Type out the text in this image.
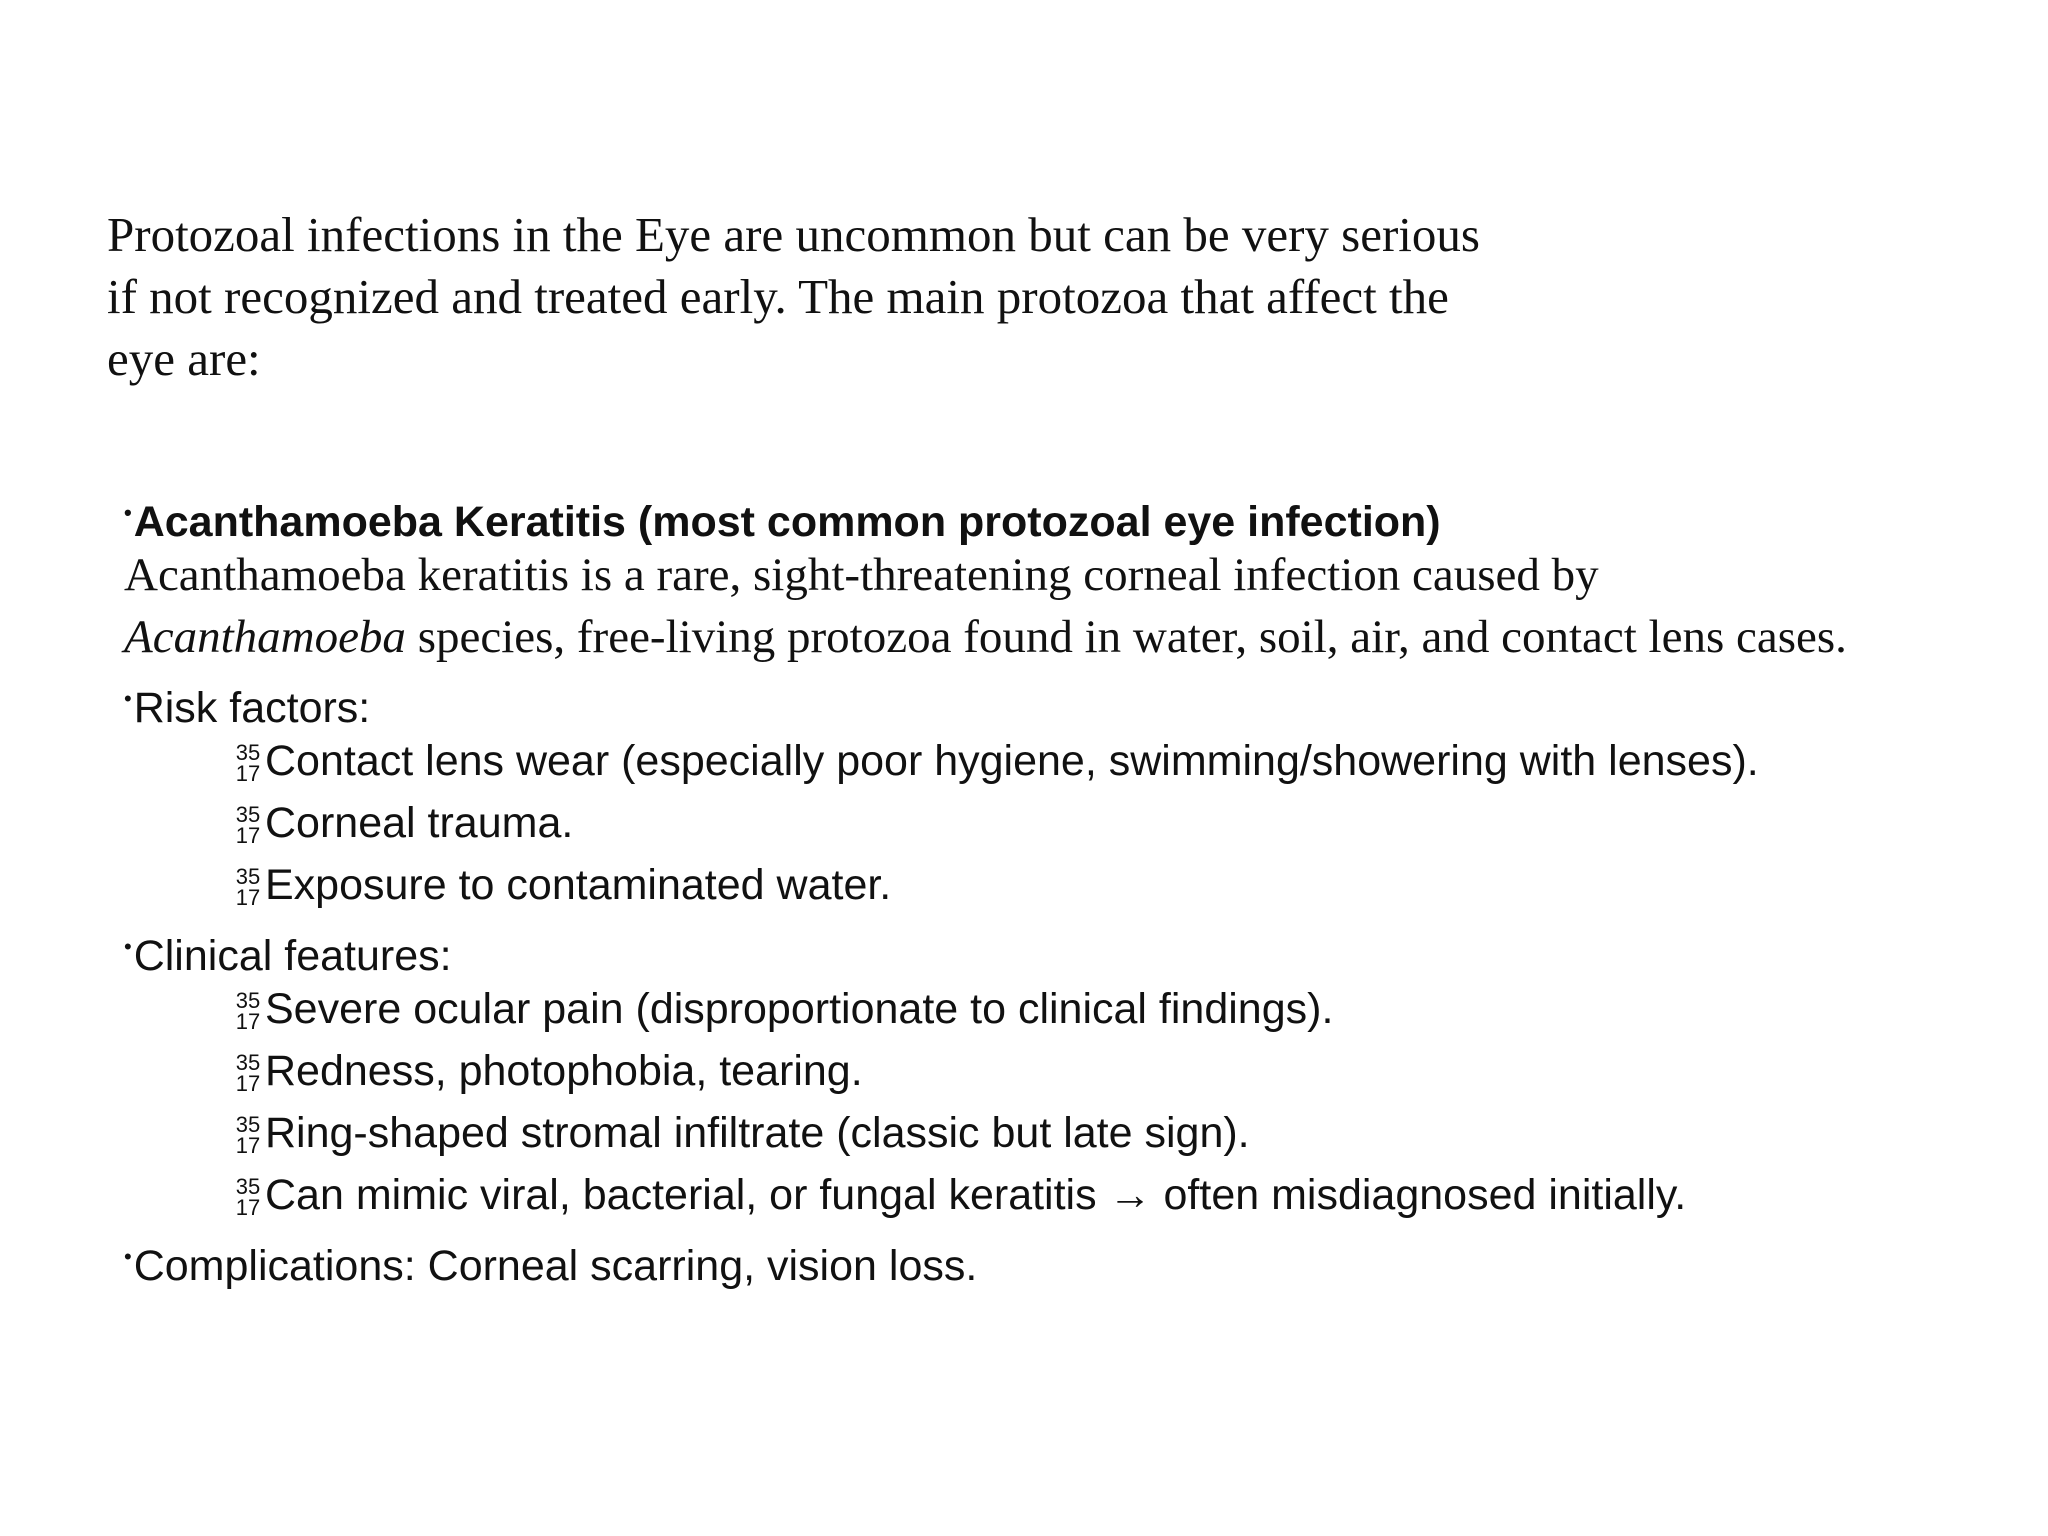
Protozoal infections in the Eye are uncommon but can be very serious
if not recognized and treated early. The main protozoa that affect the
eye are:
•Acanthamoeba Keratitis (most common protozoal eye infection)
Acanthamoeba keratitis is a rare, sight-threatening corneal infection caused by
Acanthamoeba species, free-living protozoa found in water, soil, air, and contact lens cases.
•Risk factors:
35
17 Contact lens wear (especially poor hygiene, swimming/showering with lenses).
35
17 Corneal trauma.
35
17 Exposure to contaminated water.
•Clinical features:
35
17 Severe ocular pain (disproportionate to clinical findings).
35
17 Redness, photophobia, tearing.
35
17 Ring-shaped stromal infiltrate (classic but late sign).
35
17 Can mimic viral, bacterial, or fungal keratitis → often misdiagnosed initially.
•Complications: Corneal scarring, vision loss.
